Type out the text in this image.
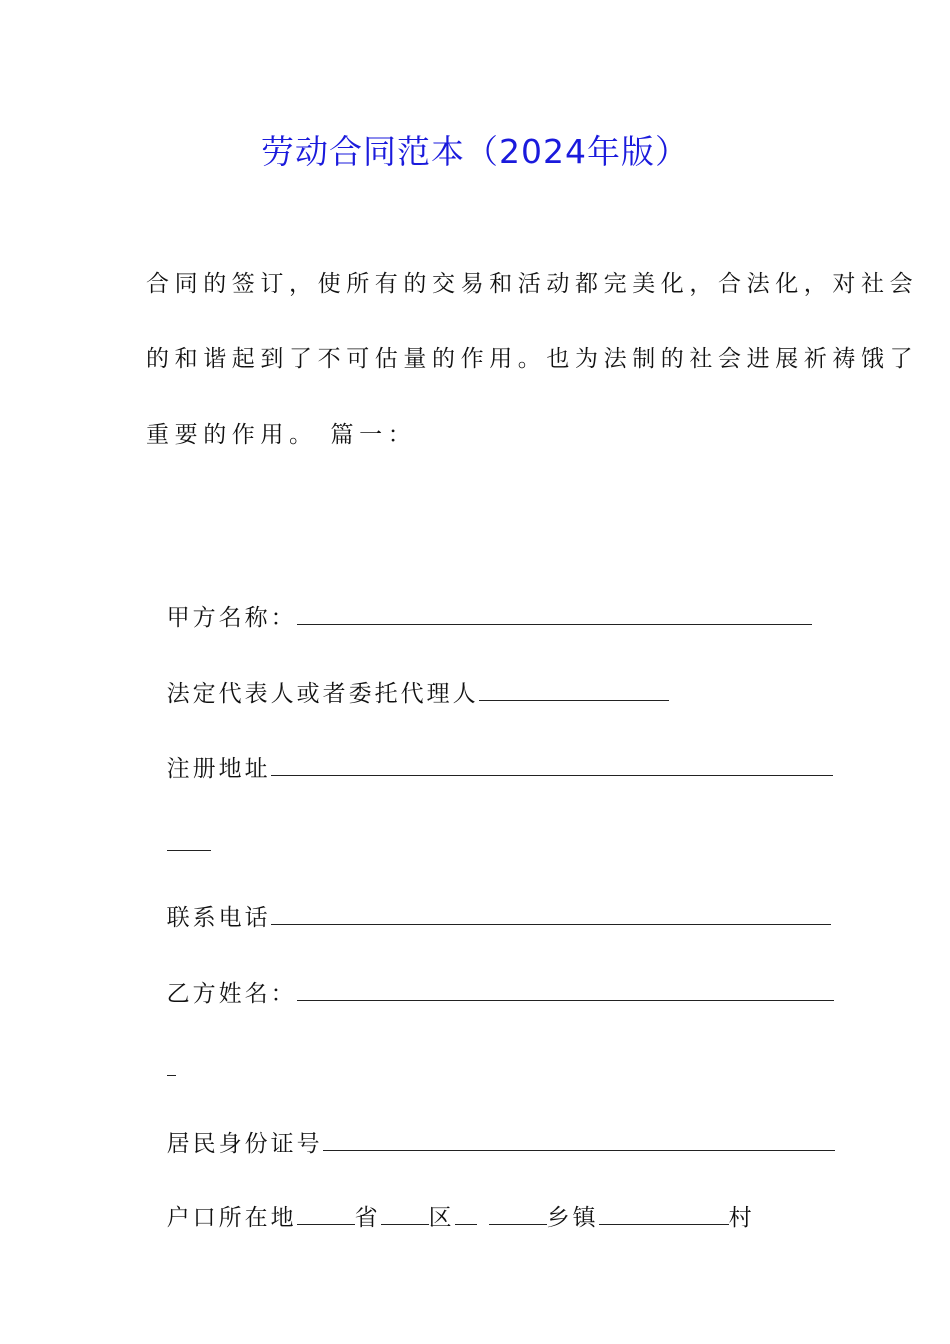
劳动合同范本（2024年版）
合同的签订，使所有的交易和活动都完美化，合法化，对社会
的和谐起到了不可估量的作用。也为法制的社会进展祈祷饿了
重要的作用。 篇一：

甲方名称：

法定代表人或者委托代理人

注册地址

联系电话

乙方姓名：

居民身份证号

户口所在地	省 区	乡镇	村
